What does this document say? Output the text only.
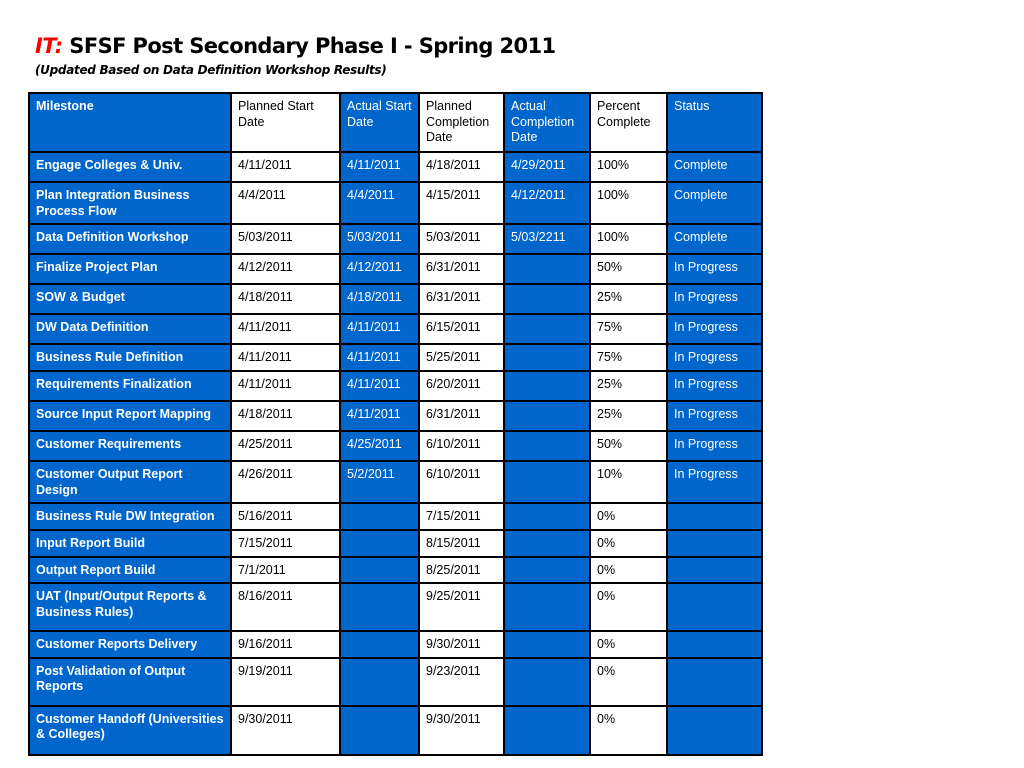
IT: SFSF Post Secondary Phase I - Spring 2011
(Updated Based on Data Definition Workshop Results)
Milestone	Planned Start Date	Actual Start Date	Planned Completion Date	Actual Completion Date	Percent Complete	Status
Engage Colleges & Univ.	4/11/2011	4/11/2011	4/18/2011	4/29/2011	100%	Complete
Plan Integration Business Process Flow	4/4/2011	4/4/2011	4/15/2011	4/12/2011	100%	Complete
Data Definition Workshop	5/03/2011	5/03/2011	5/03/2011	5/03/2211	100%	Complete
Finalize Project Plan	4/12/2011	4/12/2011	6/31/2011		50%	In Progress
SOW & Budget	4/18/2011	4/18/2011	6/31/2011		25%	In Progress
DW Data Definition	4/11/2011	4/11/2011	6/15/2011		75%	In Progress
Business Rule Definition	4/11/2011	4/11/2011	5/25/2011		75%	In Progress
Requirements Finalization	4/11/2011	4/11/2011	6/20/2011		25%	In Progress
Source Input Report Mapping	4/18/2011	4/11/2011	6/31/2011		25%	In Progress
Customer Requirements	4/25/2011	4/25/2011	6/10/2011		50%	In Progress
Customer Output Report Design	4/26/2011	5/2/2011	6/10/2011		10%	In Progress
Business Rule DW Integration	5/16/2011		7/15/2011		0%	
Input Report Build	7/15/2011		8/15/2011		0%	
Output Report Build	7/1/2011		8/25/2011		0%	
UAT (Input/Output Reports & Business Rules)	8/16/2011		9/25/2011		0%	
Customer Reports Delivery	9/16/2011		9/30/2011		0%	
Post Validation of Output Reports	9/19/2011		9/23/2011		0%	
Customer Handoff (Universities & Colleges)	9/30/2011		9/30/2011		0%	
